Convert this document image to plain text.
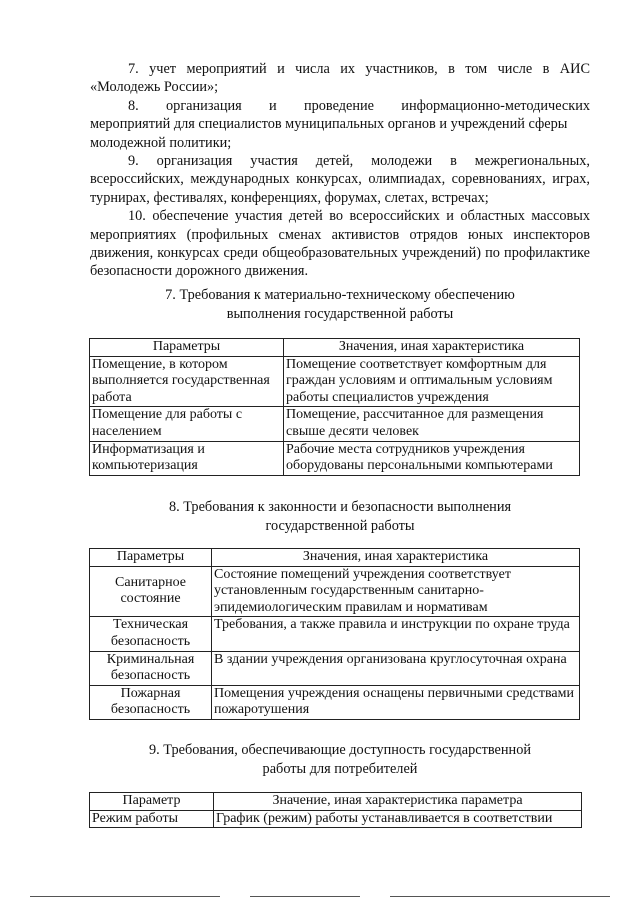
7. учет мероприятий и числа их участников, в том числе в АИС

«Молодежь России»;

8. организация и проведение информационно-методических

мероприятий для специалистов муниципальных органов и учреждений сферы молодежной политики;

9. организация участия детей, молодежи в межрегиональных,

всероссийских, международных конкурсах, олимпиадах, соревнованиях, играх, турнирах, фестивалях, конференциях, форумах, слетах, встречах;

10. обеспечение участия детей во всероссийских и областных массовых

мероприятиях (профильных сменах активистов отрядов юных инспекторов движения, конкурсах среди общеобразовательных учреждений) по профилактике безопасности дорожного движения.

7. Требования к материально-техническому обеспечению
выполнения государственной работы
Параметры	Значения, иная характеристика
Помещение, в котором выполняется государственная работа	Помещение соответствует комфортным для граждан условиям и оптимальным условиям работы специалистов учреждения
Помещение для работы с населением	Помещение, рассчитанное для размещения свыше десяти человек
Информатизация и компьютеризация	Рабочие места сотрудников учреждения оборудованы персональными компьютерами
8. Требования к законности и безопасности выполнения
государственной работы
Параметры	Значения, иная характеристика
Санитарное состояние	Состояние помещений учреждения соответствует установленным государственным санитарно-эпидемиологическим правилам и нормативам
Техническая безопасность	Требования, а также правила и инструкции по охране труда
Криминальная безопасность	В здании учреждения организована круглосуточная охрана
Пожарная безопасность	Помещения учреждения оснащены первичными средствами пожаротушения
9. Требования, обеспечивающие доступность государственной
работы для потребителей
Параметр	Значение, иная характеристика параметра
Режим работы	График (режим) работы устанавливается в соответствии
